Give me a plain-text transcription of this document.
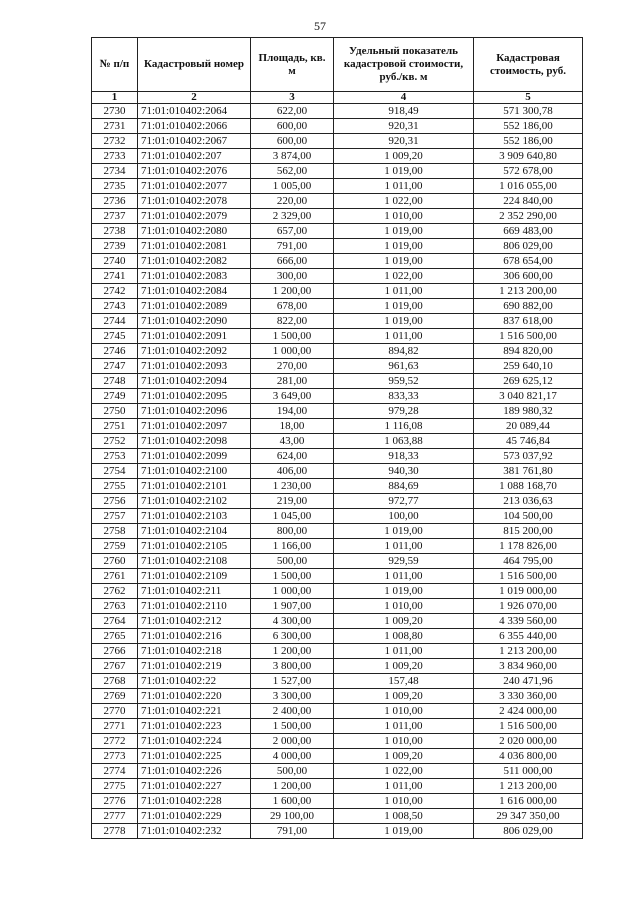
57
№ п/п	Кадастровый номер	Площадь, кв. м	Удельный показатель кадастровой стоимости, руб./кв. м	Кадастровая стоимость, руб.
1	2	3	4	5
2730	71:01:010402:2064	622,00	918,49	571 300,78
2731	71:01:010402:2066	600,00	920,31	552 186,00
2732	71:01:010402:2067	600,00	920,31	552 186,00
2733	71:01:010402:207	3 874,00	1 009,20	3 909 640,80
2734	71:01:010402:2076	562,00	1 019,00	572 678,00
2735	71:01:010402:2077	1 005,00	1 011,00	1 016 055,00
2736	71:01:010402:2078	220,00	1 022,00	224 840,00
2737	71:01:010402:2079	2 329,00	1 010,00	2 352 290,00
2738	71:01:010402:2080	657,00	1 019,00	669 483,00
2739	71:01:010402:2081	791,00	1 019,00	806 029,00
2740	71:01:010402:2082	666,00	1 019,00	678 654,00
2741	71:01:010402:2083	300,00	1 022,00	306 600,00
2742	71:01:010402:2084	1 200,00	1 011,00	1 213 200,00
2743	71:01:010402:2089	678,00	1 019,00	690 882,00
2744	71:01:010402:2090	822,00	1 019,00	837 618,00
2745	71:01:010402:2091	1 500,00	1 011,00	1 516 500,00
2746	71:01:010402:2092	1 000,00	894,82	894 820,00
2747	71:01:010402:2093	270,00	961,63	259 640,10
2748	71:01:010402:2094	281,00	959,52	269 625,12
2749	71:01:010402:2095	3 649,00	833,33	3 040 821,17
2750	71:01:010402:2096	194,00	979,28	189 980,32
2751	71:01:010402:2097	18,00	1 116,08	20 089,44
2752	71:01:010402:2098	43,00	1 063,88	45 746,84
2753	71:01:010402:2099	624,00	918,33	573 037,92
2754	71:01:010402:2100	406,00	940,30	381 761,80
2755	71:01:010402:2101	1 230,00	884,69	1 088 168,70
2756	71:01:010402:2102	219,00	972,77	213 036,63
2757	71:01:010402:2103	1 045,00	100,00	104 500,00
2758	71:01:010402:2104	800,00	1 019,00	815 200,00
2759	71:01:010402:2105	1 166,00	1 011,00	1 178 826,00
2760	71:01:010402:2108	500,00	929,59	464 795,00
2761	71:01:010402:2109	1 500,00	1 011,00	1 516 500,00
2762	71:01:010402:211	1 000,00	1 019,00	1 019 000,00
2763	71:01:010402:2110	1 907,00	1 010,00	1 926 070,00
2764	71:01:010402:212	4 300,00	1 009,20	4 339 560,00
2765	71:01:010402:216	6 300,00	1 008,80	6 355 440,00
2766	71:01:010402:218	1 200,00	1 011,00	1 213 200,00
2767	71:01:010402:219	3 800,00	1 009,20	3 834 960,00
2768	71:01:010402:22	1 527,00	157,48	240 471,96
2769	71:01:010402:220	3 300,00	1 009,20	3 330 360,00
2770	71:01:010402:221	2 400,00	1 010,00	2 424 000,00
2771	71:01:010402:223	1 500,00	1 011,00	1 516 500,00
2772	71:01:010402:224	2 000,00	1 010,00	2 020 000,00
2773	71:01:010402:225	4 000,00	1 009,20	4 036 800,00
2774	71:01:010402:226	500,00	1 022,00	511 000,00
2775	71:01:010402:227	1 200,00	1 011,00	1 213 200,00
2776	71:01:010402:228	1 600,00	1 010,00	1 616 000,00
2777	71:01:010402:229	29 100,00	1 008,50	29 347 350,00
2778	71:01:010402:232	791,00	1 019,00	806 029,00
